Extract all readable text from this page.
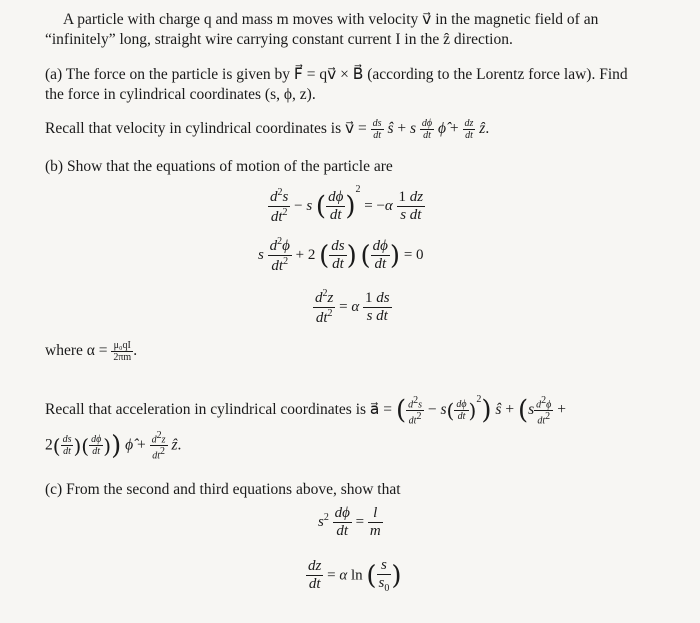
A particle with charge q and mass m moves with velocity v⃗ in the magnetic field of an
“infinitely” long, straight wire carrying constant current I in the ẑ direction.
(a) The force on the particle is given by F⃗ = qv⃗ × B⃗ (according to the Lorentz force law). Find
the force in cylindrical coordinates (s, ϕ, z).
Recall that velocity in cylindrical coordinates is v⃗ = $\frac{ds}{dt}$ ŝ + s $\frac{d\phi}{dt}$ ϕ̂ + $\frac{dz}{dt}$ ẑ.
(b) Show that the equations of motion of the particle are
$\frac{d^2s}{dt^2} - s$ ( $\frac{d\phi}{dt} )^2 = -\alpha \frac{1 dz}{\text{s dt}}$
s $\frac{d^2\phi}{dt^2} + 2$ ( $\frac{ds}{dt}$ ) ( $\frac{d\phi}{dt}$ ) = 0
$\frac{d^2z}{dt^2} = \alpha \frac{1 ds}{\text{s dt}}$
where $\alpha = \frac{\text{μ₀qI}}{2\pi m}$ .
Recall that acceleration in cylindrical coordinates is a⃗ = ( $\frac{d^2s}{dt^2} - s( \frac{d\phi}{dt} )^2$) ŝ + ($s \frac{d^2\phi}{dt^2}$ +
$2( \frac{ds}{dt}$ )( $\frac{d\phi}{dt}$ )) ϕ̂ + $\frac{d^2z}{dt^2}$ ẑ.
(c) From the second and third equations above, show that
$s^2 \frac{d\phi}{dt} = \frac{l}{m}$
$\frac{dz}{dt} = \alpha$ ln ( $\frac{s}{s_0}$ )
